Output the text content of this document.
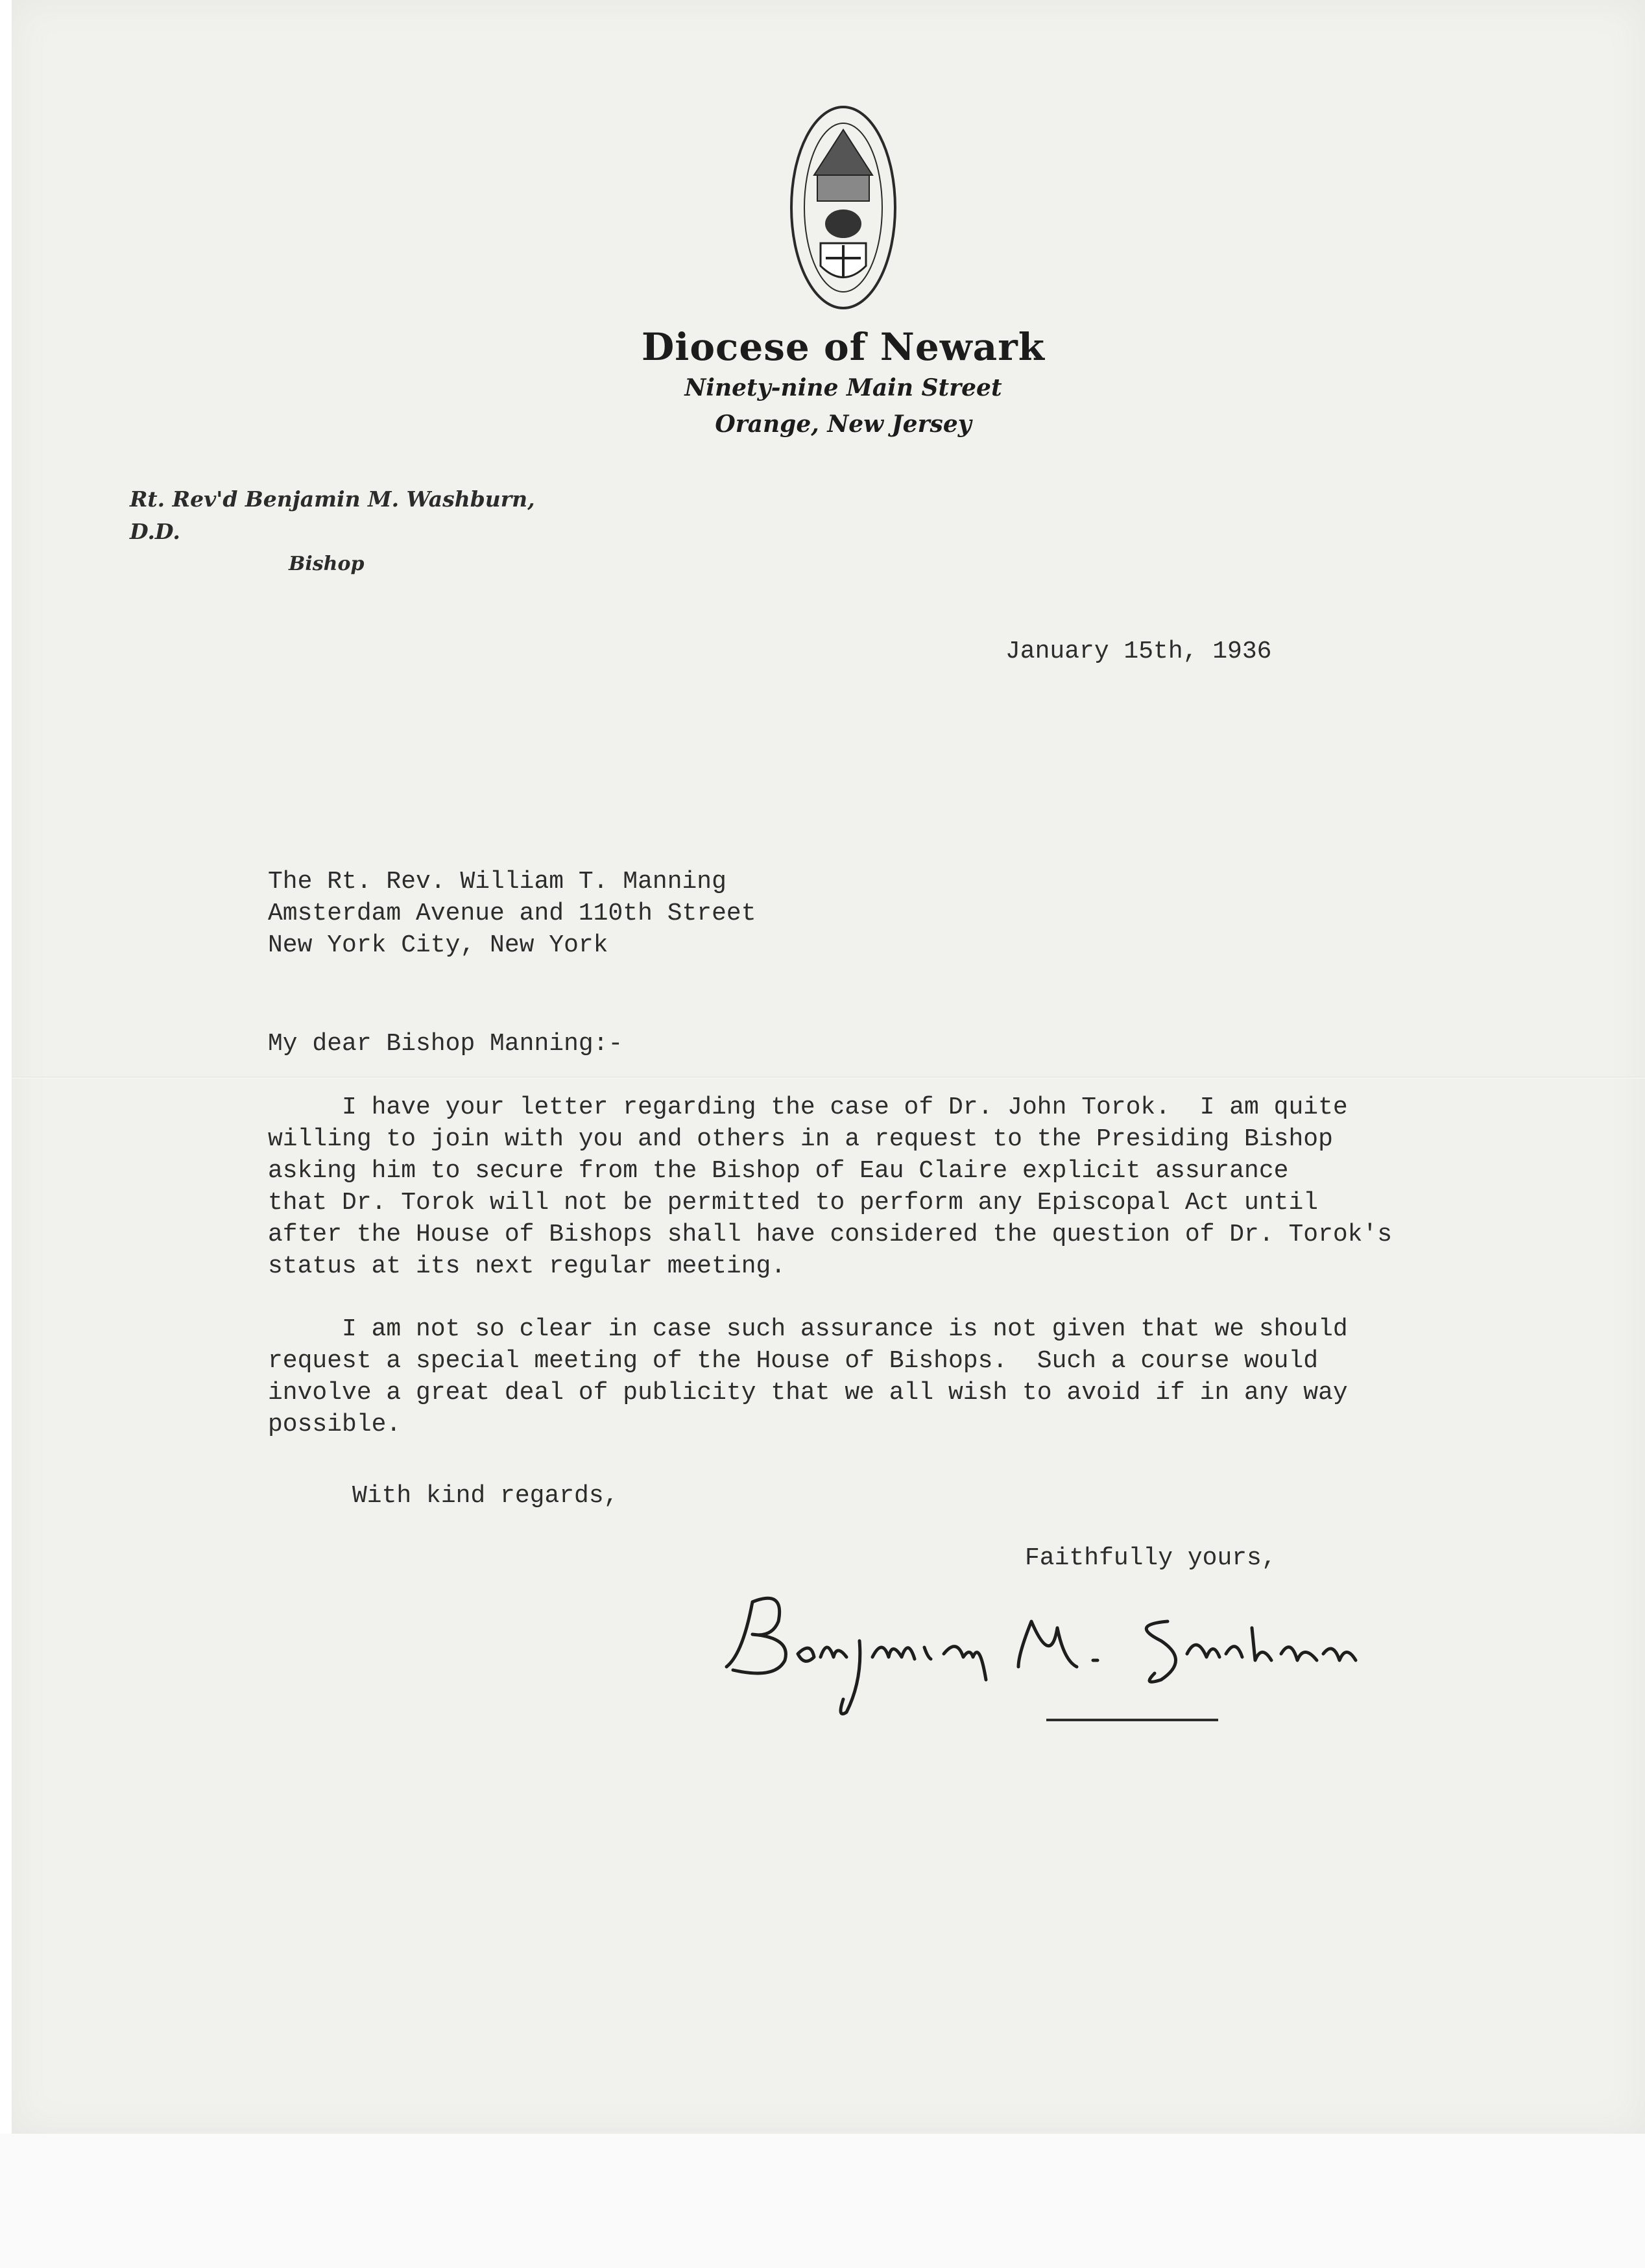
Diocese of Newark
Ninety-nine Main Street
Orange, New Jersey
Rt. Rev'd Benjamin M. Washburn, D.D.
Bishop
January 15th, 1936
The Rt. Rev. William T. Manning
Amsterdam Avenue and 110th Street
New York City, New York
My dear Bishop Manning:-
I have your letter regarding the case of Dr. John Torok.  I am quite
willing to join with you and others in a request to the Presiding Bishop
asking him to secure from the Bishop of Eau Claire explicit assurance
that Dr. Torok will not be permitted to perform any Episcopal Act until
after the House of Bishops shall have considered the question of Dr. Torok's
status at its next regular meeting.
I am not so clear in case such assurance is not given that we should
request a special meeting of the House of Bishops.  Such a course would
involve a great deal of publicity that we all wish to avoid if in any way
possible.
With kind regards,
Faithfully yours,
